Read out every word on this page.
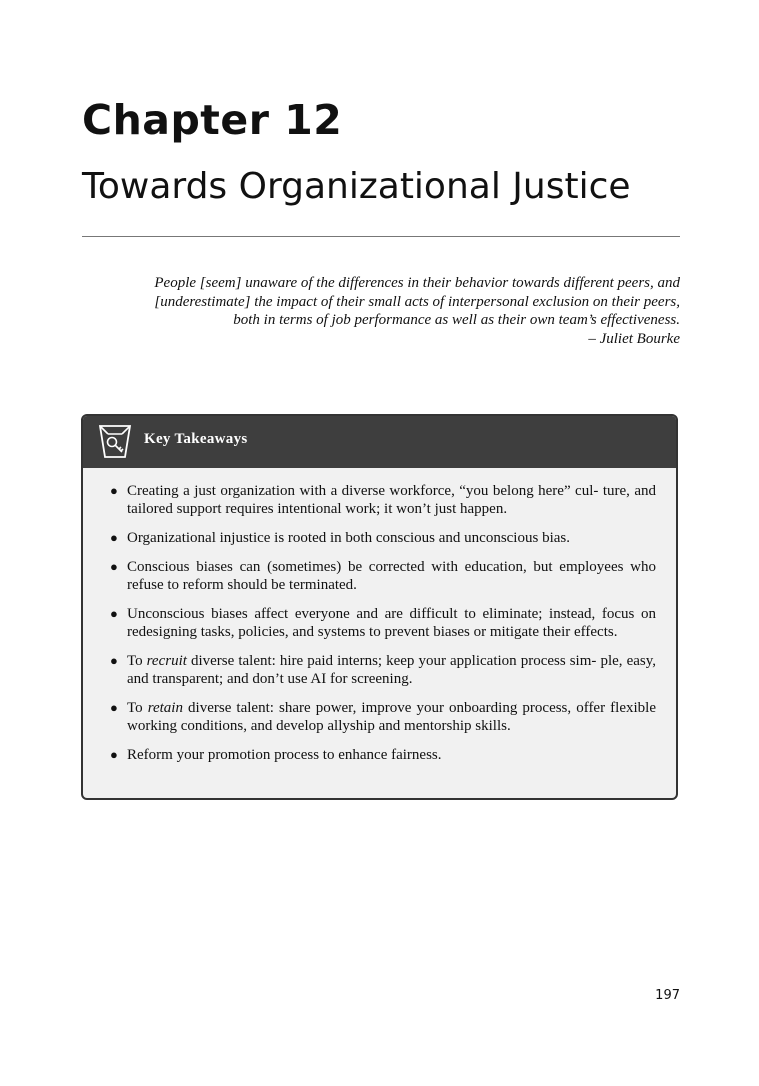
Chapter 12
Towards Organizational Justice
People [seem] unaware of the differences in their behavior towards different peers, and
[underestimate] the impact of their small acts of interpersonal exclusion on their peers,
both in terms of job performance as well as their own team’s effectiveness.
– Juliet Bourke
Key Takeaways
● Creating a just organization with a diverse workforce, “you belong here” cul- ture, and tailored support requires intentional work; it won’t just happen.
● Organizational injustice is rooted in both conscious and unconscious bias.
● Conscious biases can (sometimes) be corrected with education, but employees who refuse to reform should be terminated.
● Unconscious biases affect everyone and are difficult to eliminate; instead, focus on redesigning tasks, policies, and systems to prevent biases or mitigate their effects.
● To recruit diverse talent: hire paid interns; keep your application process sim- ple, easy, and transparent; and don’t use AI for screening.
● To retain diverse talent: share power, improve your onboarding process, offer flexible working conditions, and develop allyship and mentorship skills.
● Reform your promotion process to enhance fairness.
197
